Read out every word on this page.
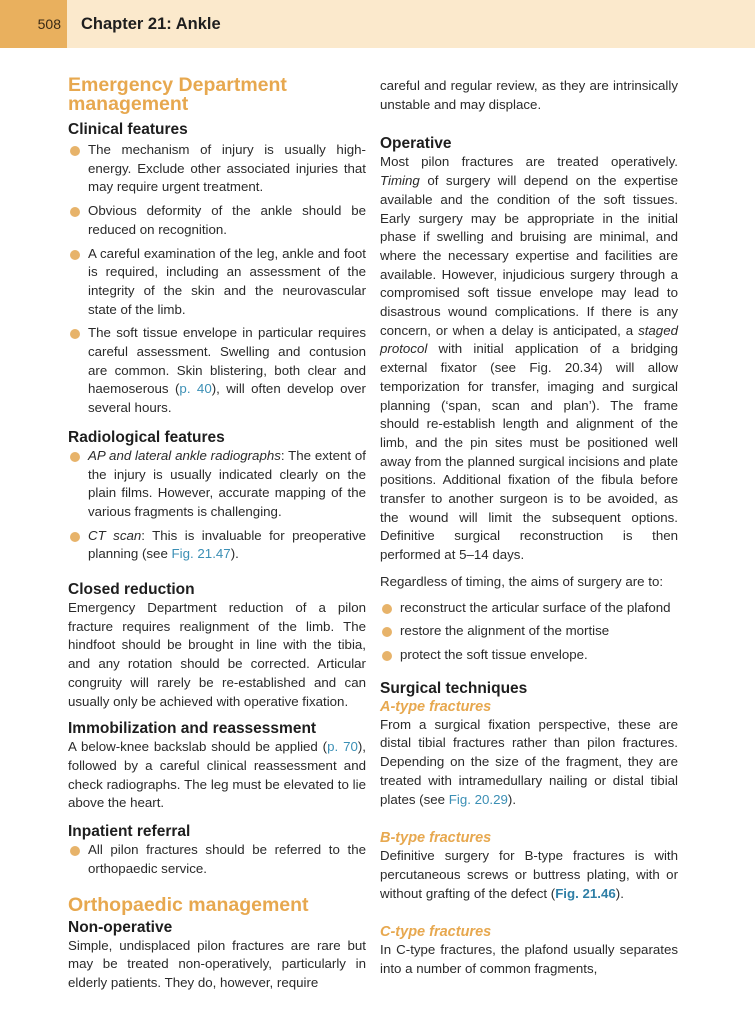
508 Chapter 21: Ankle
Emergency Department management
Clinical features
The mechanism of injury is usually high-energy. Exclude other associated injuries that may require urgent treatment.
Obvious deformity of the ankle should be reduced on recognition.
A careful examination of the leg, ankle and foot is required, including an assessment of the integrity of the skin and the neurovascular state of the limb.
The soft tissue envelope in particular requires careful assessment. Swelling and contusion are common. Skin blistering, both clear and haemoserous (p. 40), will often develop over several hours.
Radiological features
AP and lateral ankle radiographs: The extent of the injury is usually indicated clearly on the plain films. However, accurate mapping of the various fragments is challenging.
CT scan: This is invaluable for preoperative planning (see Fig. 21.47).
Closed reduction

Emergency Department reduction of a pilon fracture requires realignment of the limb. The hindfoot should be brought in line with the tibia, and any rotation should be corrected. Articular congruity will rarely be re-established and can usually only be achieved with operative fixation.

Immobilization and reassessment

A below-knee backslab should be applied (p. 70), followed by a careful clinical reassessment and check radiographs. The leg must be elevated to lie above the heart.

Inpatient referral
All pilon fractures should be referred to the orthopaedic service.
Orthopaedic management
Non-operative

Simple, undisplaced pilon fractures are rare but may be treated non-operatively, particularly in elderly patients. They do, however, require

careful and regular review, as they are intrinsically unstable and may displace.

Operative

Most pilon fractures are treated operatively. Timing of surgery will depend on the expertise available and the condition of the soft tissues. Early surgery may be appropriate in the initial phase if swelling and bruising are minimal, and where the necessary expertise and facilities are available. However, injudicious surgery through a compromised soft tissue envelope may lead to disastrous wound complications. If there is any concern, or when a delay is anticipated, a staged protocol with initial application of a bridging external fixator (see Fig. 20.34) will allow temporization for transfer, imaging and surgical planning (‘span, scan and plan’). The frame should re-establish length and alignment of the limb, and the pin sites must be positioned well away from the planned surgical incisions and plate positions. Additional fixation of the fibula before transfer to another surgeon is to be avoided, as the wound will limit the subsequent options. Definitive surgical reconstruction is then performed at 5–14 days.

Regardless of timing, the aims of surgery are to:

reconstruct the articular surface of the plafond
restore the alignment of the mortise
protect the soft tissue envelope.
Surgical techniques
A-type fractures

From a surgical fixation perspective, these are distal tibial fractures rather than pilon fractures. Depending on the size of the fragment, they are treated with intramedullary nailing or distal tibial plates (see Fig. 20.29).

B-type fractures

Definitive surgery for B-type fractures is with percutaneous screws or buttress plating, with or without grafting of the defect (Fig. 21.46).

C-type fractures

In C-type fractures, the plafond usually separates into a number of common fragments,
